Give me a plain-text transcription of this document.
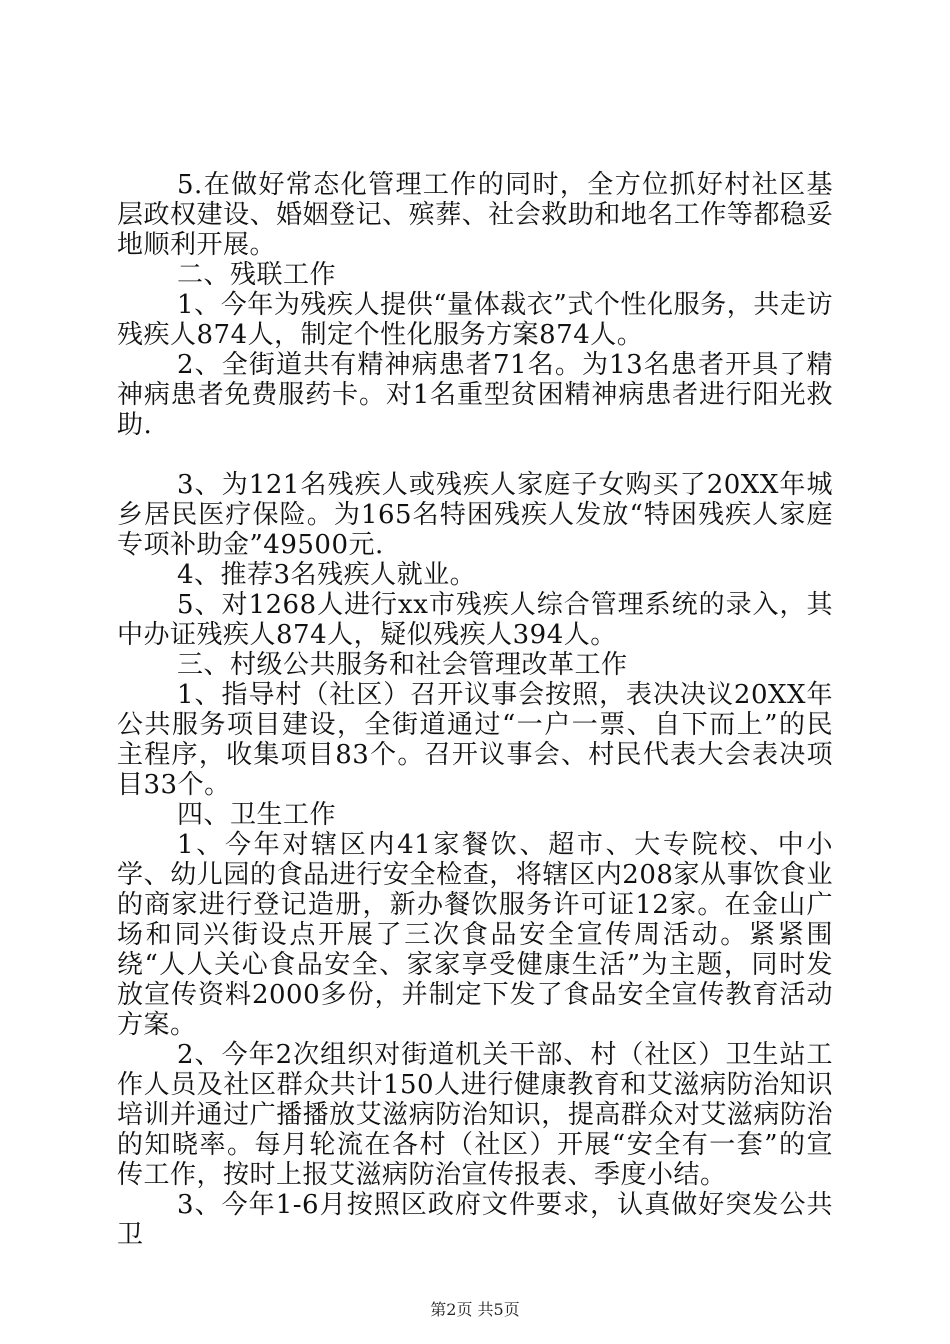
5.在做好常态化管理工作的同时，全方位抓好村社区基层政权建设、婚姻登记、殡葬、社会救助和地名工作等都稳妥地顺利开展。

二、残联工作

1、今年为残疾人提供“量体裁衣”式个性化服务，共走访残疾人874人，制定个性化服务方案874人。

2、全街道共有精神病患者71名。为13名患者开具了精神病患者免费服药卡。对1名重型贫困精神病患者进行阳光救助.

3、为121名残疾人或残疾人家庭子女购买了20XX年城乡居民医疗保险。为165名特困残疾人发放“特困残疾人家庭专项补助金”49500元.

4、推荐3名残疾人就业。

5、对1268人进行xx市残疾人综合管理系统的录入，其中办证残疾人874人，疑似残疾人394人。

三、村级公共服务和社会管理改革工作

1、指导村（社区）召开议事会按照，表决决议20XX年公共服务项目建设，全街道通过“一户一票、自下而上”的民主程序，收集项目83个。召开议事会、村民代表大会表决项目33个。

四、卫生工作

1、今年对辖区内41家餐饮、超市、大专院校、中小学、幼儿园的食品进行安全检查，将辖区内208家从事饮食业的商家进行登记造册，新办餐饮服务许可证12家。在金山广场和同兴街设点开展了三次食品安全宣传周活动。紧紧围绕“人人关心食品安全、家家享受健康生活”为主题，同时发放宣传资料2000多份，并制定下发了食品安全宣传教育活动方案。

2、今年2次组织对街道机关干部、村（社区）卫生站工作人员及社区群众共计150人进行健康教育和艾滋病防治知识培训并通过广播播放艾滋病防治知识，提高群众对艾滋病防治的知晓率。每月轮流在各村（社区）开展“安全有一套”的宣传工作，按时上报艾滋病防治宣传报表、季度小结。

3、今年1-6月按照区政府文件要求，认真做好突发公共卫

第2页 共5页
